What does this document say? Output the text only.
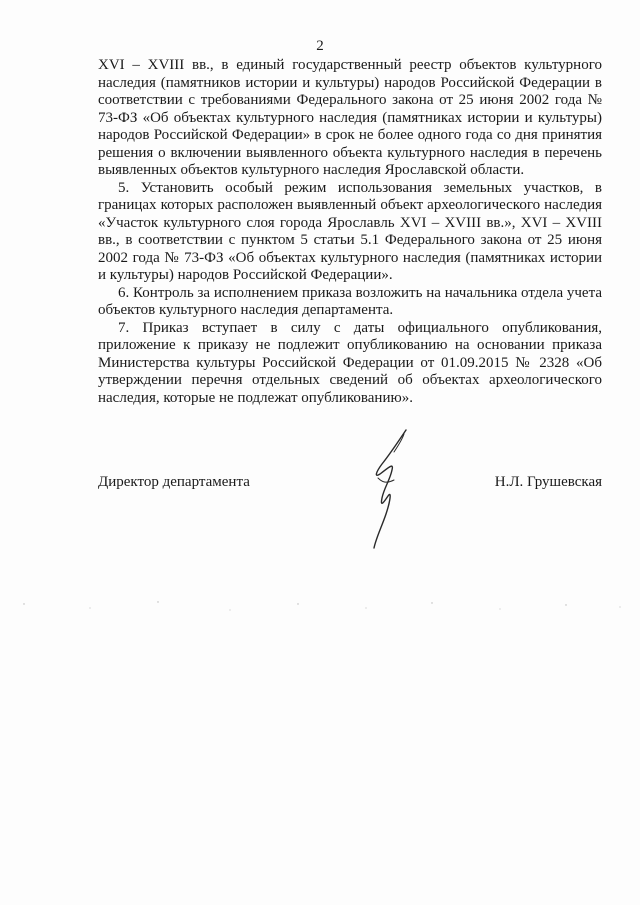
2

XVI – XVIII вв., в единый государственный реестр объектов культурного наследия (памятников истории и культуры) народов Российской Федерации в соответствии с требованиями Федерального закона от 25 июня 2002 года № 73-ФЗ «Об объектах культурного наследия (памятниках истории и культуры) народов Российской Федерации» в срок не более одного года со дня принятия решения о включении выявленного объекта культурного наследия в перечень выявленных объектов культурного наследия Ярославской области.

5. Установить особый режим использования земельных участков, в границах которых расположен выявленный объект археологического наследия «Участок культурного слоя города Ярославль XVI – XVIII вв.», XVI – XVIII вв., в соответствии с пунктом 5 статьи 5.1 Федерального закона от 25 июня 2002 года № 73-ФЗ «Об объектах культурного наследия (памятниках истории и культуры) народов Российской Федерации».

6. Контроль за исполнением приказа возложить на начальника отдела учета объектов культурного наследия департамента.

7. Приказ вступает в силу с даты официального опубликования, приложение к приказу не подлежит опубликованию на основании приказа Министерства культуры Российской Федерации от 01.09.2015 № 2328 «Об утверждении перечня отдельных сведений об объектах археологического наследия, которые не подлежат опубликованию».

Директор департамента	Н.Л. Грушевская
